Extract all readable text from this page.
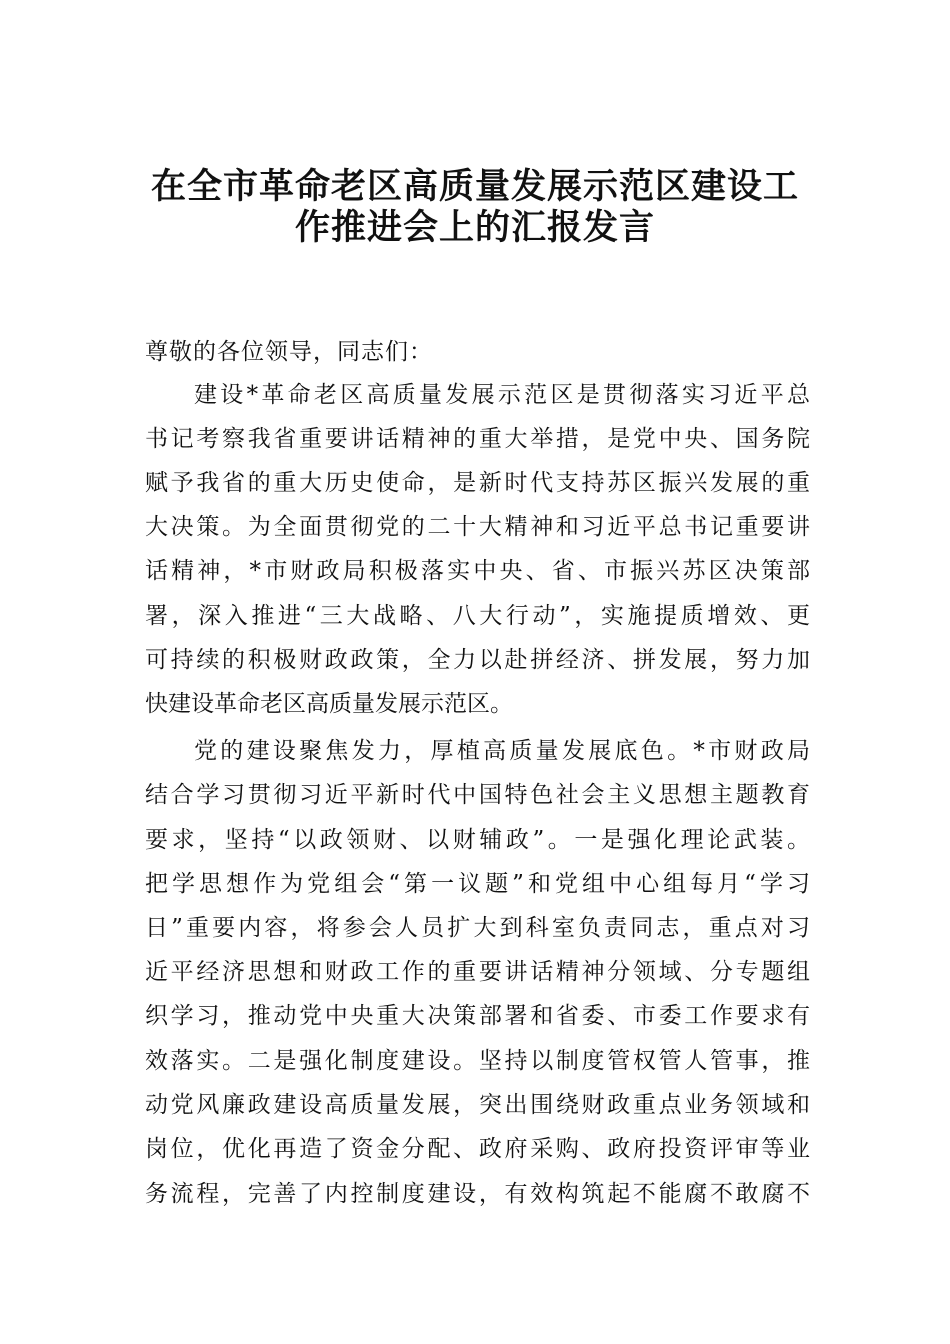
在全市革命老区高质量发展示范区建设工
作推进会上的汇报发言
尊敬的各位领导，同志们：
建设*革命老区高质量发展示范区是贯彻落实习近平总
书记考察我省重要讲话精神的重大举措，是党中央、国务院
赋予我省的重大历史使命，是新时代支持苏区振兴发展的重
大决策。为全面贯彻党的二十大精神和习近平总书记重要讲
话精神，*市财政局积极落实中央、省、市振兴苏区决策部
署，深入推进“三大战略、八大行动”，实施提质增效、更
可持续的积极财政政策，全力以赴拼经济、拼发展，努力加
快建设革命老区高质量发展示范区。
党的建设聚焦发力，厚植高质量发展底色。*市财政局
结合学习贯彻习近平新时代中国特色社会主义思想主题教育
要求，坚持“以政领财、以财辅政”。一是强化理论武装。
把学思想作为党组会“第一议题”和党组中心组每月“学习
日”重要内容，将参会人员扩大到科室负责同志，重点对习
近平经济思想和财政工作的重要讲话精神分领域、分专题组
织学习，推动党中央重大决策部署和省委、市委工作要求有
效落实。二是强化制度建设。坚持以制度管权管人管事，推
动党风廉政建设高质量发展，突出围绕财政重点业务领域和
岗位，优化再造了资金分配、政府采购、政府投资评审等业
务流程，完善了内控制度建设，有效构筑起不能腐不敢腐不
